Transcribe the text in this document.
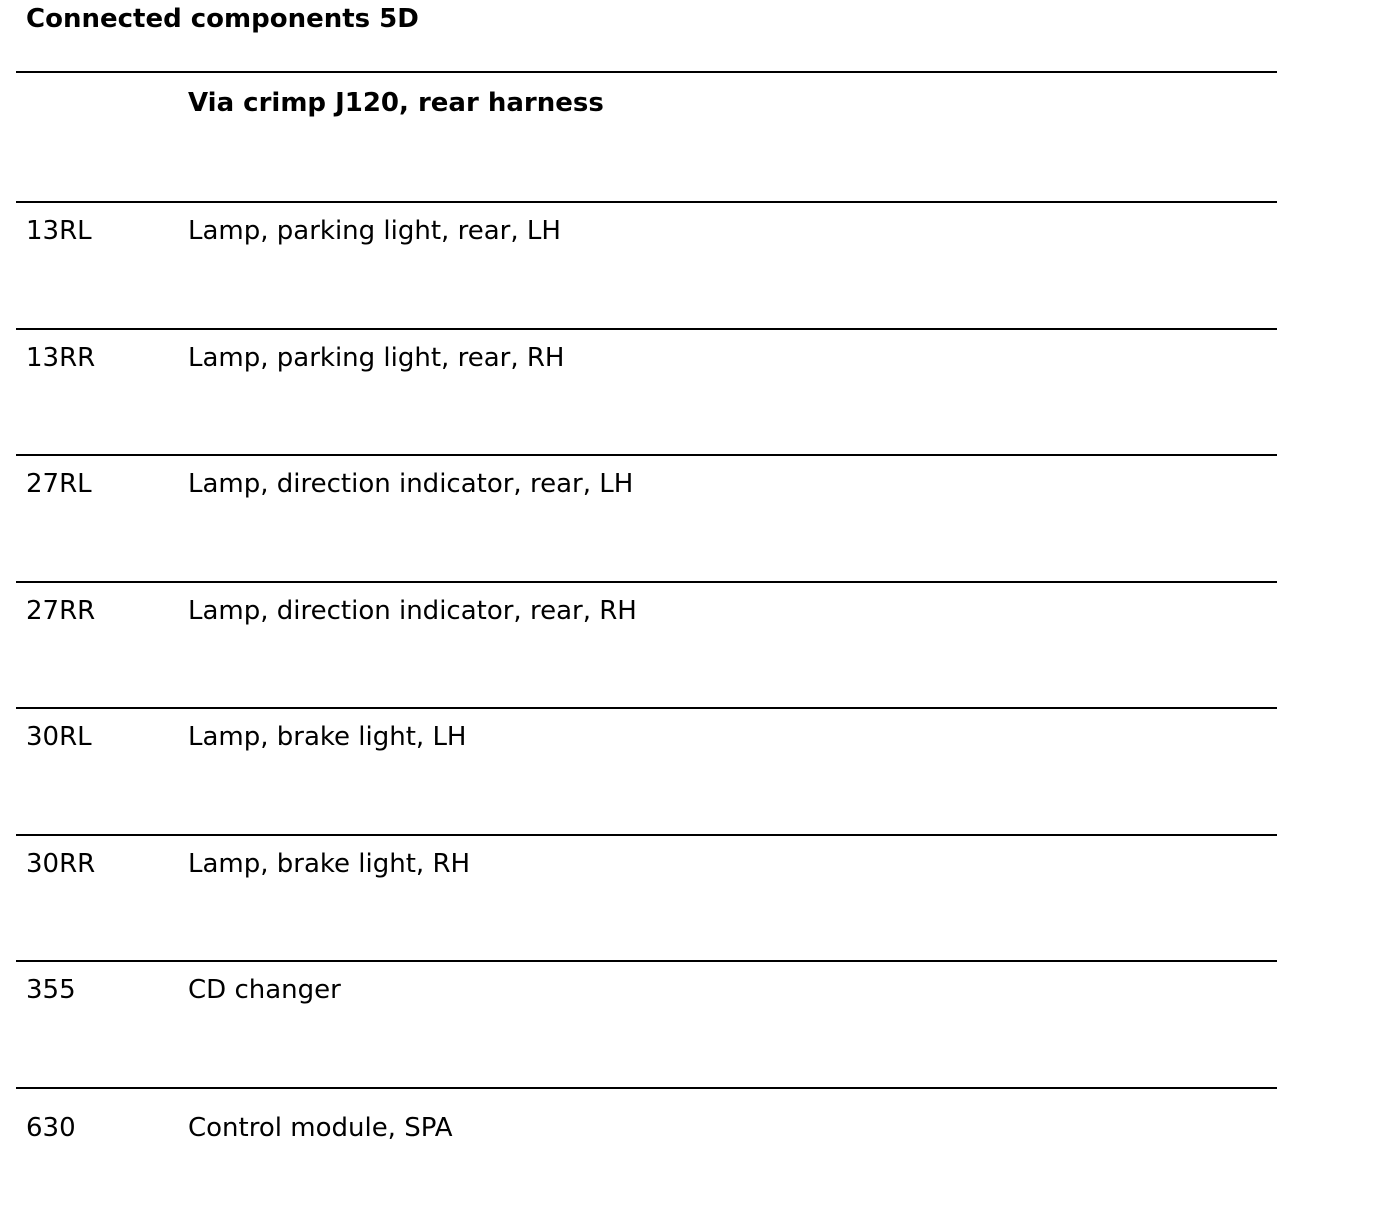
Connected components 5D
Via crimp J120, rear harness
13RL	Lamp, parking light, rear, LH
13RR	Lamp, parking light, rear, RH
27RL	Lamp, direction indicator, rear, LH
27RR	Lamp, direction indicator, rear, RH
30RL	Lamp, brake light, LH
30RR	Lamp, brake light, RH
355	CD changer
630	Control module, SPA
